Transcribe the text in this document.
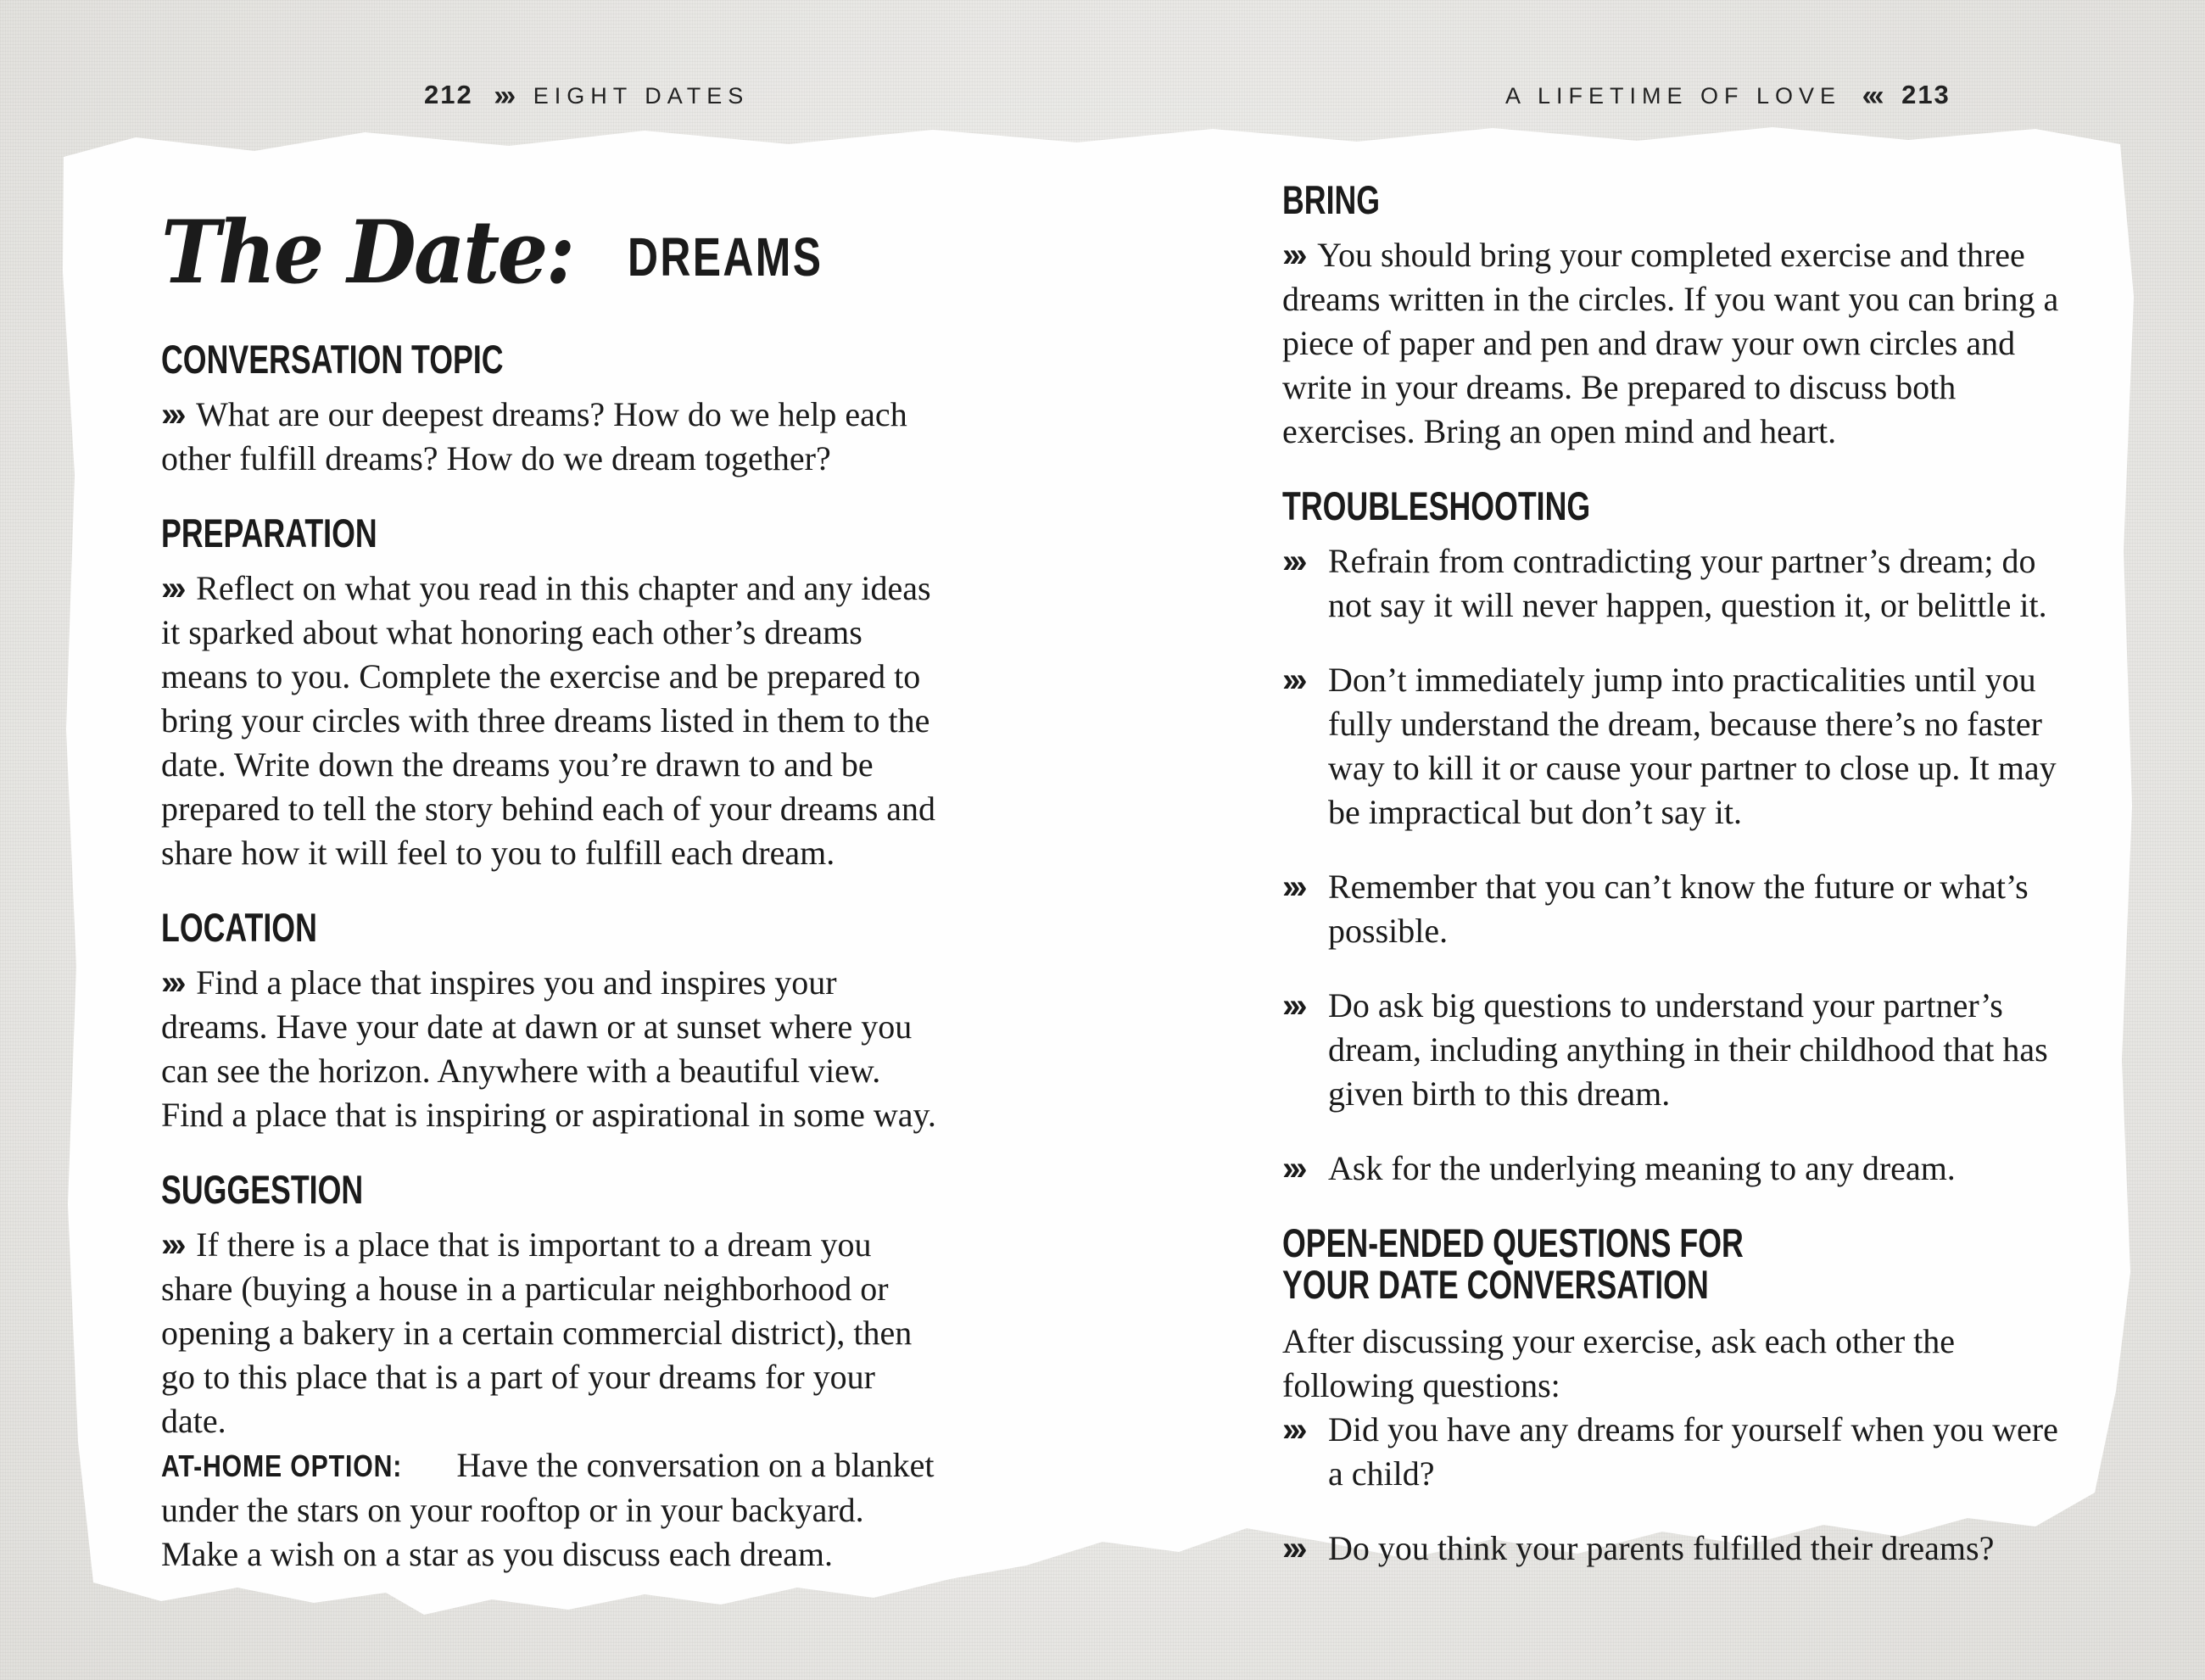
212 ››› EIGHT DATES	A LIFETIME OF LOVE ‹‹‹ 213
The Date: DREAMS
CONVERSATION TOPIC

››› What are our deepest dreams? How do we help each other fulfill dreams? How do we dream together?

PREPARATION

››› Reflect on what you read in this chapter and any ideas it sparked about what honoring each other’s dreams means to you. Complete the exercise and be prepared to bring your circles with three dreams listed in them to the date. Write down the dreams you’re drawn to and be prepared to tell the story behind each of your dreams and share how it will feel to you to fulfill each dream.

LOCATION

››› Find a place that inspires you and inspires your dreams. Have your date at dawn or at sunset where you can see the horizon. Anywhere with a beautiful view. Find a place that is inspiring or aspirational in some way.

SUGGESTION

››› If there is a place that is important to a dream you share (buying a house in a particular neighborhood or opening a bakery in a certain commercial district), then go to this place that is a part of your dreams for your date.

AT-HOME OPTION: Have the conversation on a blanket under the stars on your rooftop or in your backyard. Make a wish on a star as you discuss each dream.

BRING

››› You should bring your completed exercise and three dreams written in the circles. If you want you can bring a piece of paper and pen and draw your own circles and write in your dreams. Be prepared to discuss both exercises. Bring an open mind and heart.

TROUBLESHOOTING
››› Refrain from contradicting your partner’s dream; do not say it will never happen, question it, or belittle it.
››› Don’t immediately jump into practicalities until you fully understand the dream, because there’s no faster way to kill it or cause your partner to close up. It may be impractical but don’t say it.
››› Remember that you can’t know the future or what’s possible.
››› Do ask big questions to understand your partner’s dream, including anything in their childhood that has given birth to this dream.
››› Ask for the underlying meaning to any dream.
OPEN-ENDED QUESTIONS FOR
YOUR DATE CONVERSATION

After discussing your exercise, ask each other the following questions:

››› Did you have any dreams for yourself when you were a child?
››› Do you think your parents fulfilled their dreams?
